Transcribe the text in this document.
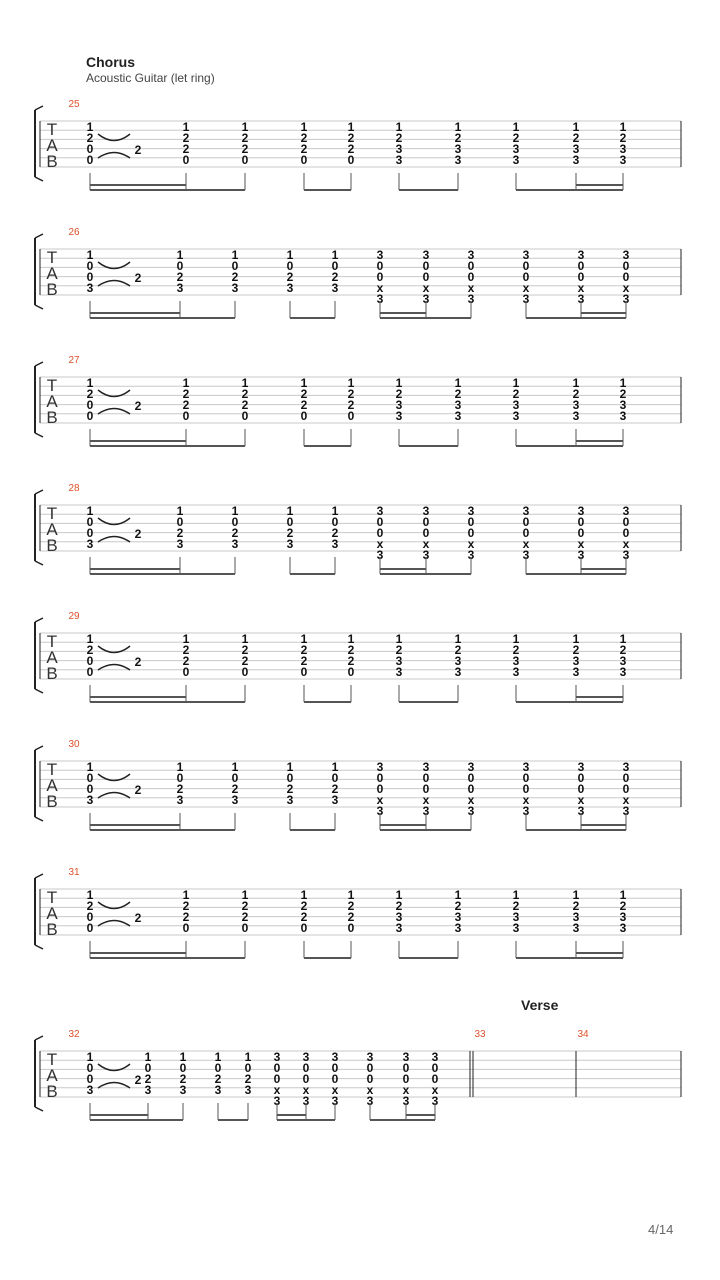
Chorus
Acoustic Guitar (let ring)
Verse
4/14
T
A
B
25
1
2
0
0
1
2
2
0
1
2
2
0
1
2
2
0
1
2
2
0
1
2
3
3
1
2
3
3
1
2
3
3
1
2
3
3
1
2
3
3
2
T
A
B
26
1
0
0
3
1
0
2
3
1
0
2
3
1
0
2
3
1
0
2
3
3
0
0
x
3
3
0
0
x
3
3
0
0
x
3
3
0
0
x
3
3
0
0
x
3
3
0
0
x
3
2
T
A
B
27
1
2
0
0
1
2
2
0
1
2
2
0
1
2
2
0
1
2
2
0
1
2
3
3
1
2
3
3
1
2
3
3
1
2
3
3
1
2
3
3
2
T
A
B
28
1
0
0
3
1
0
2
3
1
0
2
3
1
0
2
3
1
0
2
3
3
0
0
x
3
3
0
0
x
3
3
0
0
x
3
3
0
0
x
3
3
0
0
x
3
3
0
0
x
3
2
T
A
B
29
1
2
0
0
1
2
2
0
1
2
2
0
1
2
2
0
1
2
2
0
1
2
3
3
1
2
3
3
1
2
3
3
1
2
3
3
1
2
3
3
2
T
A
B
30
1
0
0
3
1
0
2
3
1
0
2
3
1
0
2
3
1
0
2
3
3
0
0
x
3
3
0
0
x
3
3
0
0
x
3
3
0
0
x
3
3
0
0
x
3
3
0
0
x
3
2
T
A
B
31
1
2
0
0
1
2
2
0
1
2
2
0
1
2
2
0
1
2
2
0
1
2
3
3
1
2
3
3
1
2
3
3
1
2
3
3
1
2
3
3
2
T
A
B
32
1
0
0
3
1
0
2
3
1
0
2
3
1
0
2
3
1
0
2
3
3
0
0
x
3
3
0
0
x
3
3
0
0
x
3
3
0
0
x
3
3
0
0
x
3
3
0
0
x
3
2
33	34
